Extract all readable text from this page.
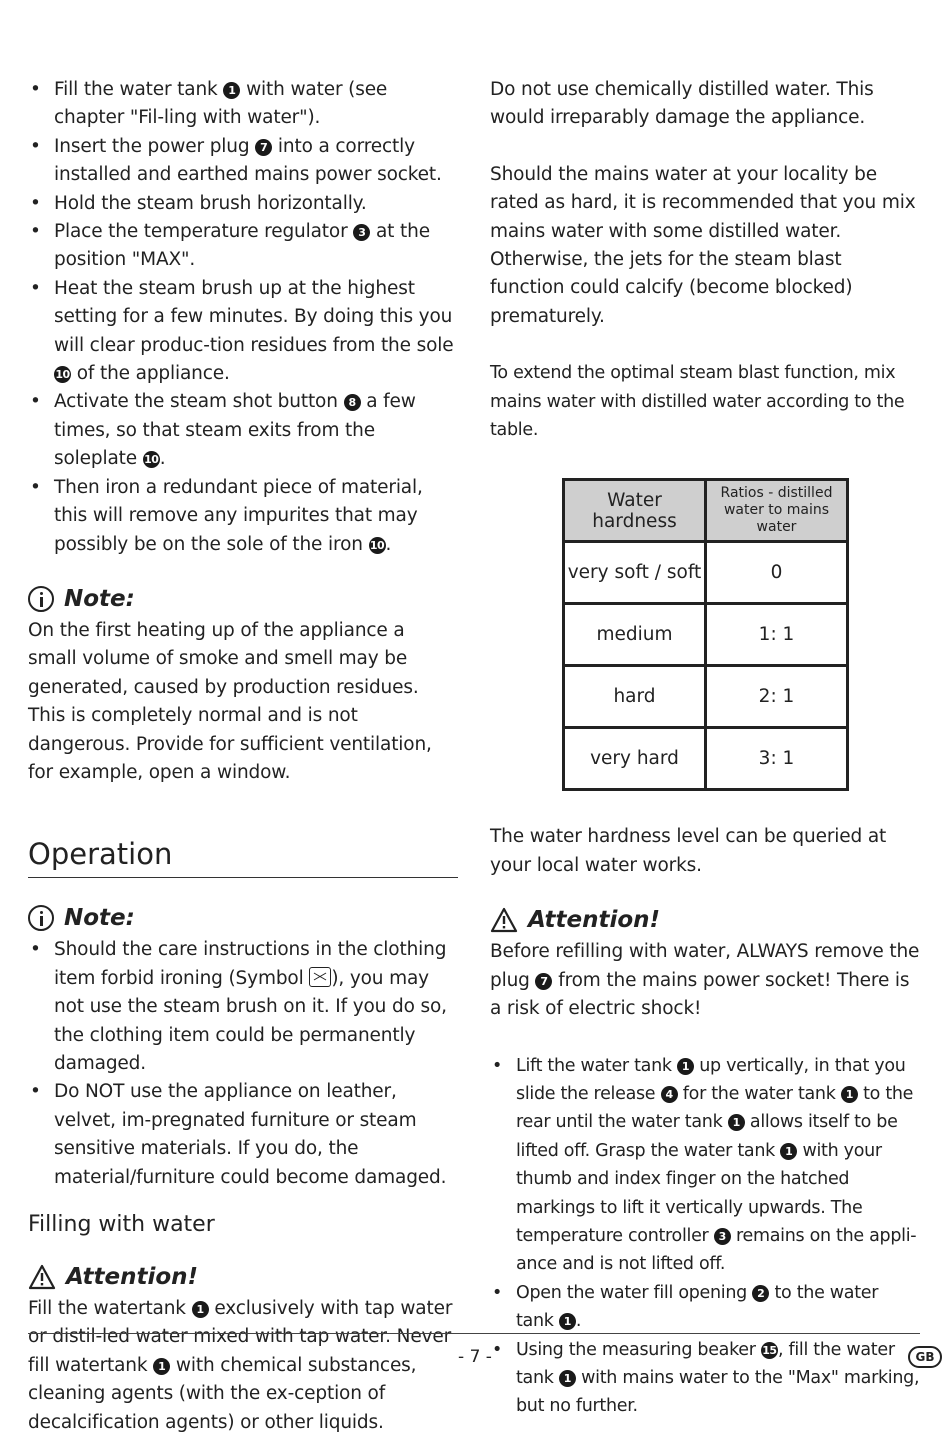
• Fill the water tank 1 with water (see chapter "Fil-ling with water").
• Insert the power plug 7 into a correctly installed and earthed mains power socket.
• Hold the steam brush horizontally.
• Place the temperature regulator 3 at the position "MAX".
• Heat the steam brush up at the highest setting for a few minutes. By doing this you will clear produc-tion residues from the sole 10 of the appliance.
• Activate the steam shot button 8 a few times, so that steam exits from the soleplate 10.
• Then iron a redundant piece of material, this will remove any impurites that may possibly be on the sole of the iron 10.
Note:

On the first heating up of the appliance a small volume of smoke and smell may be generated, caused by production residues. This is completely normal and is not dangerous. Provide for sufficient ventilation, for example, open a window.

Operation
Note:
• Should the care instructions in the clothing item forbid ironing (Symbol ), you may not use the steam brush on it. If you do so, the clothing item could be permanently damaged.
• Do NOT use the appliance on leather, velvet, im-pregnated furniture or steam sensitive materials. If you do, the material/furniture could become damaged.
Filling with water
Attention!

Fill the watertank 1 exclusively with tap water or distil-led water mixed with tap water. Never fill watertank 1 with chemical substances, cleaning agents (with the ex-ception of decalcification agents) or other liquids.

Do not use chemically distilled water. This would irreparably damage the appliance.

Should the mains water at your locality be rated as hard, it is recommended that you mix mains water with some distilled water. Otherwise, the jets for the steam blast function could calcify (become blocked) prematurely.

To extend the optimal steam blast function, mix mains water with distilled water according to the table.

Water hardness	Ratios - distilled water to mains water
very soft / soft	0
medium	1: 1
hard	2: 1
very hard	3: 1

The water hardness level can be queried at your local water works.

Attention!

Before refilling with water, ALWAYS remove the plug 7 from the mains power socket! There is a risk of electric shock!

• Lift the water tank 1 up vertically, in that you slide the release 4 for the water tank 1 to the rear until the water tank 1 allows itself to be lifted off. Grasp the water tank 1 with your thumb and index finger on the hatched markings to lift it vertically upwards. The temperature controller 3 remains on the appli-ance and is not lifted off.
• Open the water fill opening 2 to the water tank 1 .
• Using the measuring beaker 15, fill the water tank 1 with mains water to the "Max" marking, but no further.
- 7 -	GB
